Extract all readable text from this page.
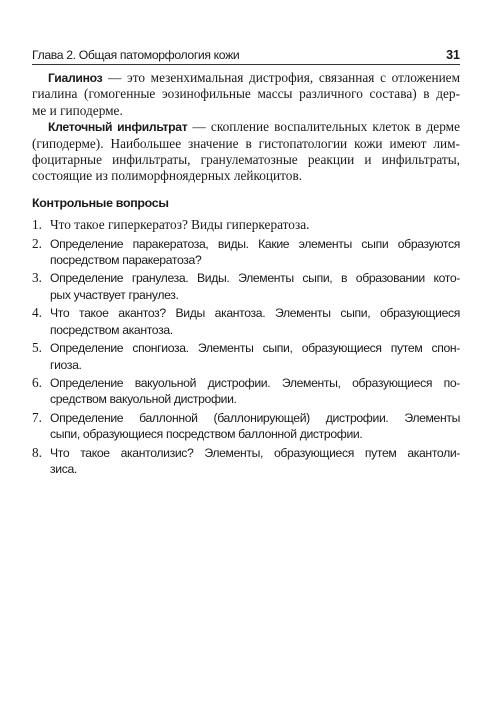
Глава 2. Общая патоморфология кожи	31
Гиалиноз — это мезенхимальная дистрофия, связанная с отложением
гиалина (гомогенные эозинофильные массы различного состава) в дер-
ме и гиподерме.
Клеточный инфильтрат — скопление воспалительных клеток в дерме
(гиподерме). Наибольшее значение в гистопатологии кожи имеют лим-
фоцитарные инфильтраты, гранулематозные реакции и инфильтраты,
состоящие из полиморфноядерных лейкоцитов.
Контрольные вопросы
1. Что такое гиперкератоз? Виды гиперкератоза.
2. Определение паракератоза, виды. Какие элементы сыпи образуются
посредством паракератоза?
3. Определение гранулеза. Виды. Элементы сыпи, в образовании кото-
рых участвует гранулез.
4. Что такое акантоз? Виды акантоза. Элементы сыпи, образующиеся
посредством акантоза.
5. Определение спонгиоза. Элементы сыпи, образующиеся путем спон-
гиоза.
6. Определение вакуольной дистрофии. Элементы, образующиеся по-
средством вакуольной дистрофии.
7. Определение баллонной (баллонирующей) дистрофии. Элементы
сыпи, образующиеся посредством баллонной дистрофии.
8. Что такое акантолизис? Элементы, образующиеся путем акантоли-
зиса.
